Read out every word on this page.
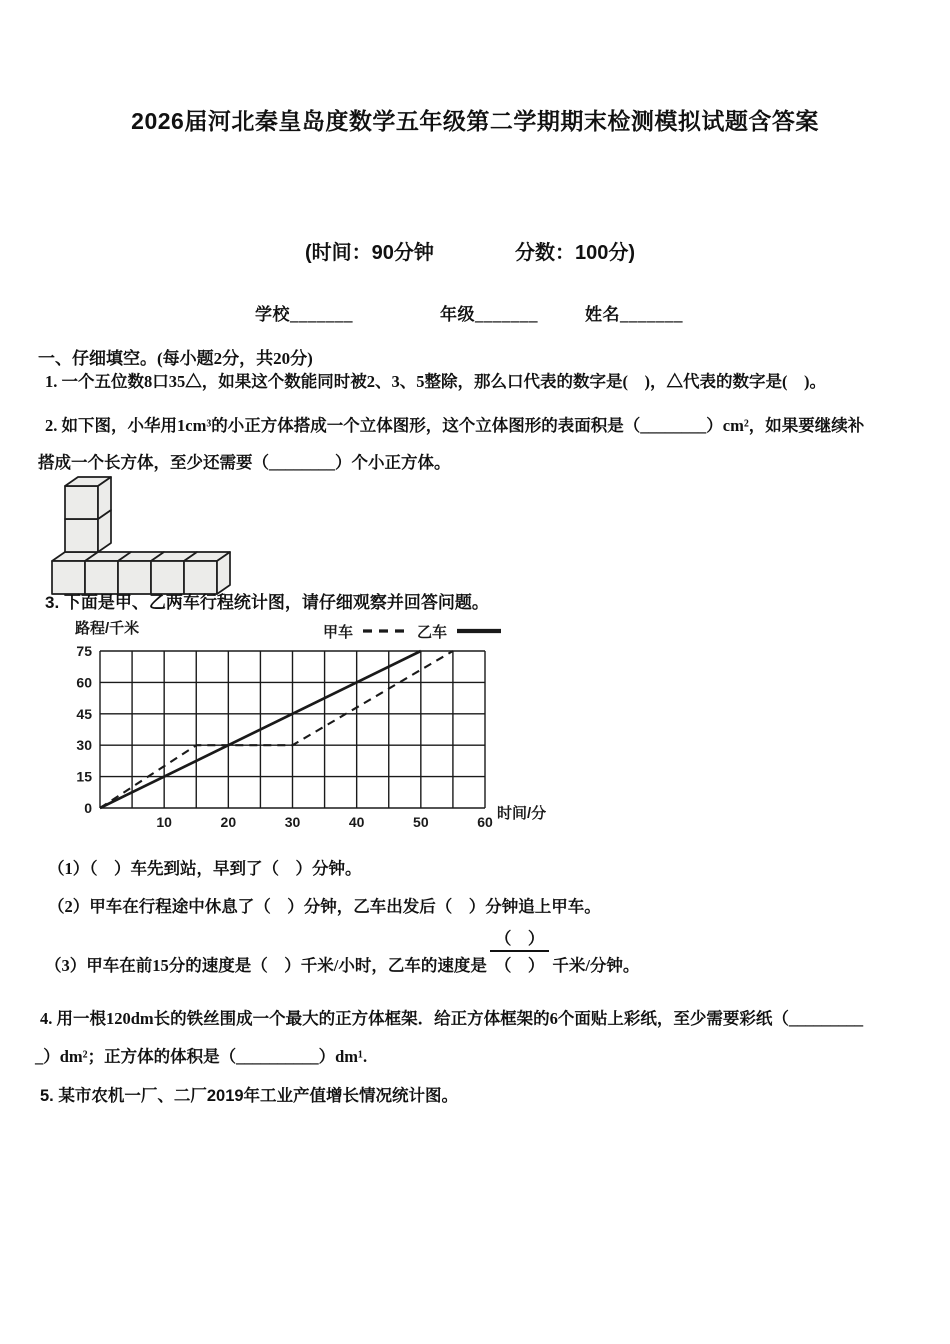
2026届河北秦皇岛度数学五年级第二学期期末检测模拟试题含答案
(时间：90分钟	分数：100分)
学校_______	年级_______	姓名_______
一、仔细填空。(每小题2分，共20分)
1. 一个五位数8口35△，如果这个数能同时被2、3、5整除，那么口代表的数字是(　)，△代表的数字是(　)。
2. 如下图，小华用1cm³的小正方体搭成一个立体图形，这个立体图形的表面积是（________）cm²，如果要继续补
搭成一个长方体，至少还需要（________）个小正方体。
3. 下面是甲、乙两车行程统计图，请仔细观察并回答问题。
0
15
30
45
60
75
10	20	30	40	50	60
路程/千米
时间/分
甲车	乙车
（1）（　）车先到站，早到了（　）分钟。
（2）甲车在行程途中休息了（　）分钟，乙车出发后（　）分钟追上甲车。
（3）甲车在前15分的速度是（　）千米/小时，乙车的速度是 $\frac{( )}{( )}$ 千米/分钟。
4. 用一根120dm长的铁丝围成一个最大的正方体框架．给正方体框架的6个面贴上彩纸，至少需要彩纸（_________
_）dm²；正方体的体积是（__________）dm¹.
5. 某市农机一厂、二厂2019年工业产值增长情况统计图。
